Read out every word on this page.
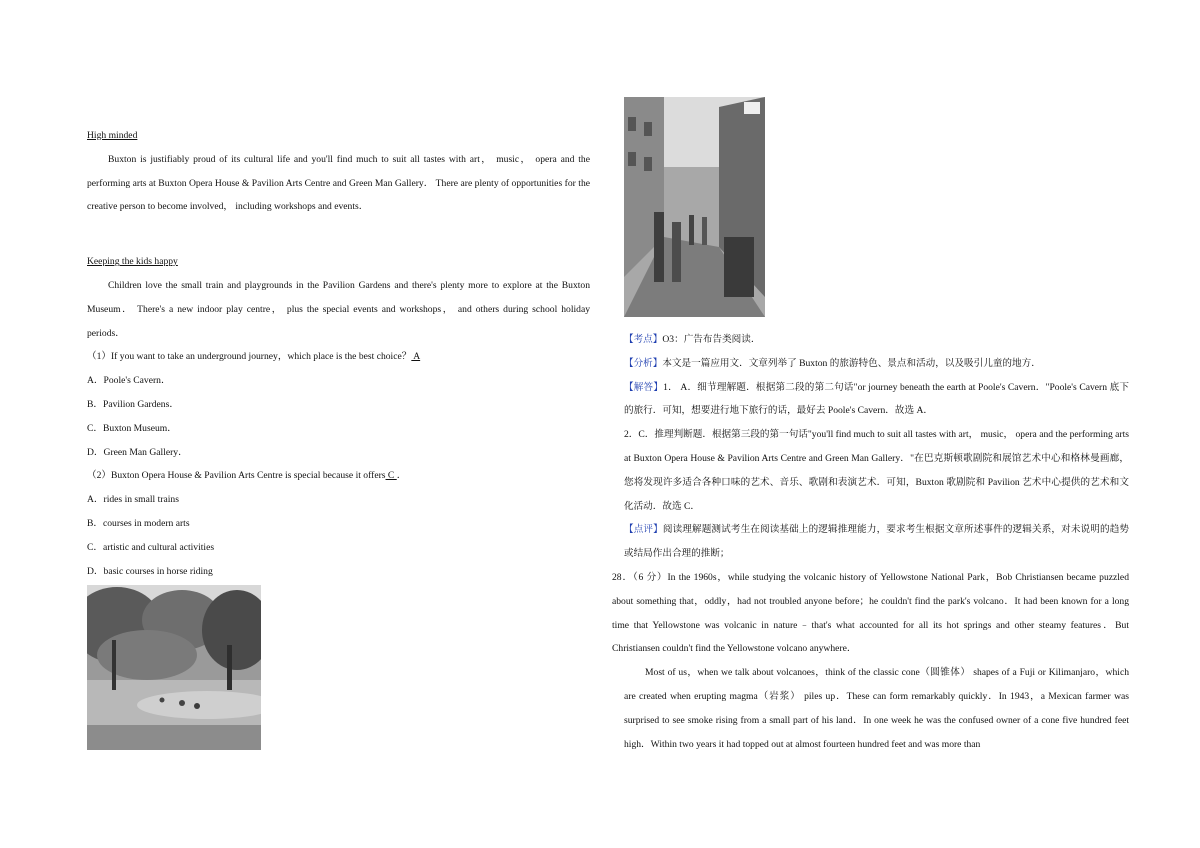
High minded

Buxton is justifiably proud of its cultural life and you'll find much to suit all tastes with art， music， opera and the performing arts at Buxton Opera House & Pavilion Arts Centre and Green Man Gallery． There are plenty of opportunities for the creative person to become involved， including workshops and events．

Keeping the kids happy

Children love the small train and playgrounds in the Pavilion Gardens and there's plenty more to explore at the Buxton Museum． There's a new indoor play centre， plus the special events and workshops， and others during school holiday periods．

（1）If you want to take an underground journey，which place is the best choice？ A

A．Poole's Cavern．

B．Pavilion Gardens．

C．Buxton Museum．

D．Green Man Gallery．

（2）Buxton Opera House & Pavilion Arts Centre is special because it offers C ．

A．rides in small trains

B．courses in modern arts

C．artistic and cultural activities

D．basic courses in horse riding

【考点】O3：广告布告类阅读．

【分析】本文是一篇应用文．文章列举了 Buxton 的旅游特色、景点和活动，以及吸引儿童的地方．

【解答】1． A．细节理解题．根据第二段的第二句话"or journey beneath the earth at Poole's Cavern．"Poole's Cavern 底下的旅行．可知，想要进行地下旅行的话，最好去 Poole's Cavern．故选 A．

2．C．推理判断题．根据第三段的第一句话"you'll find much to suit all tastes with art， music， opera and the performing arts at Buxton Opera House & Pavilion Arts Centre and Green Man Gallery．"在巴克斯顿歌剧院和展馆艺术中心和格林曼画廊，您将发现许多适合各种口味的艺术、音乐、歌剧和表演艺术．可知，Buxton 歌剧院和 Pavilion 艺术中心提供的艺术和文化活动．故选 C．

【点评】阅读理解题测试考生在阅读基础上的逻辑推理能力，要求考生根据文章所述事件的逻辑关系，对未说明的趋势或结局作出合理的推断；

28．（6 分）In the 1960s，while studying the volcanic history of Yellowstone National Park，Bob Christiansen became puzzled about something that，oddly，had not troubled anyone before；he couldn't find the park's volcano．It had been known for a long time that Yellowstone was volcanic in nature﹣that's what accounted for all its hot springs and other steamy features．But Christiansen couldn't find the Yellowstone volcano anywhere．

Most of us，when we talk about volcanoes，think of the classic cone（圆锥体） shapes of a Fuji or Kilimanjaro，which are created when erupting magma（岩浆） piles up．These can form remarkably quickly．In 1943，a Mexican farmer was surprised to see smoke rising from a small part of his land．In one week he was the confused owner of a cone five hundred feet high．Within two years it had topped out at almost fourteen hundred feet and was more than
